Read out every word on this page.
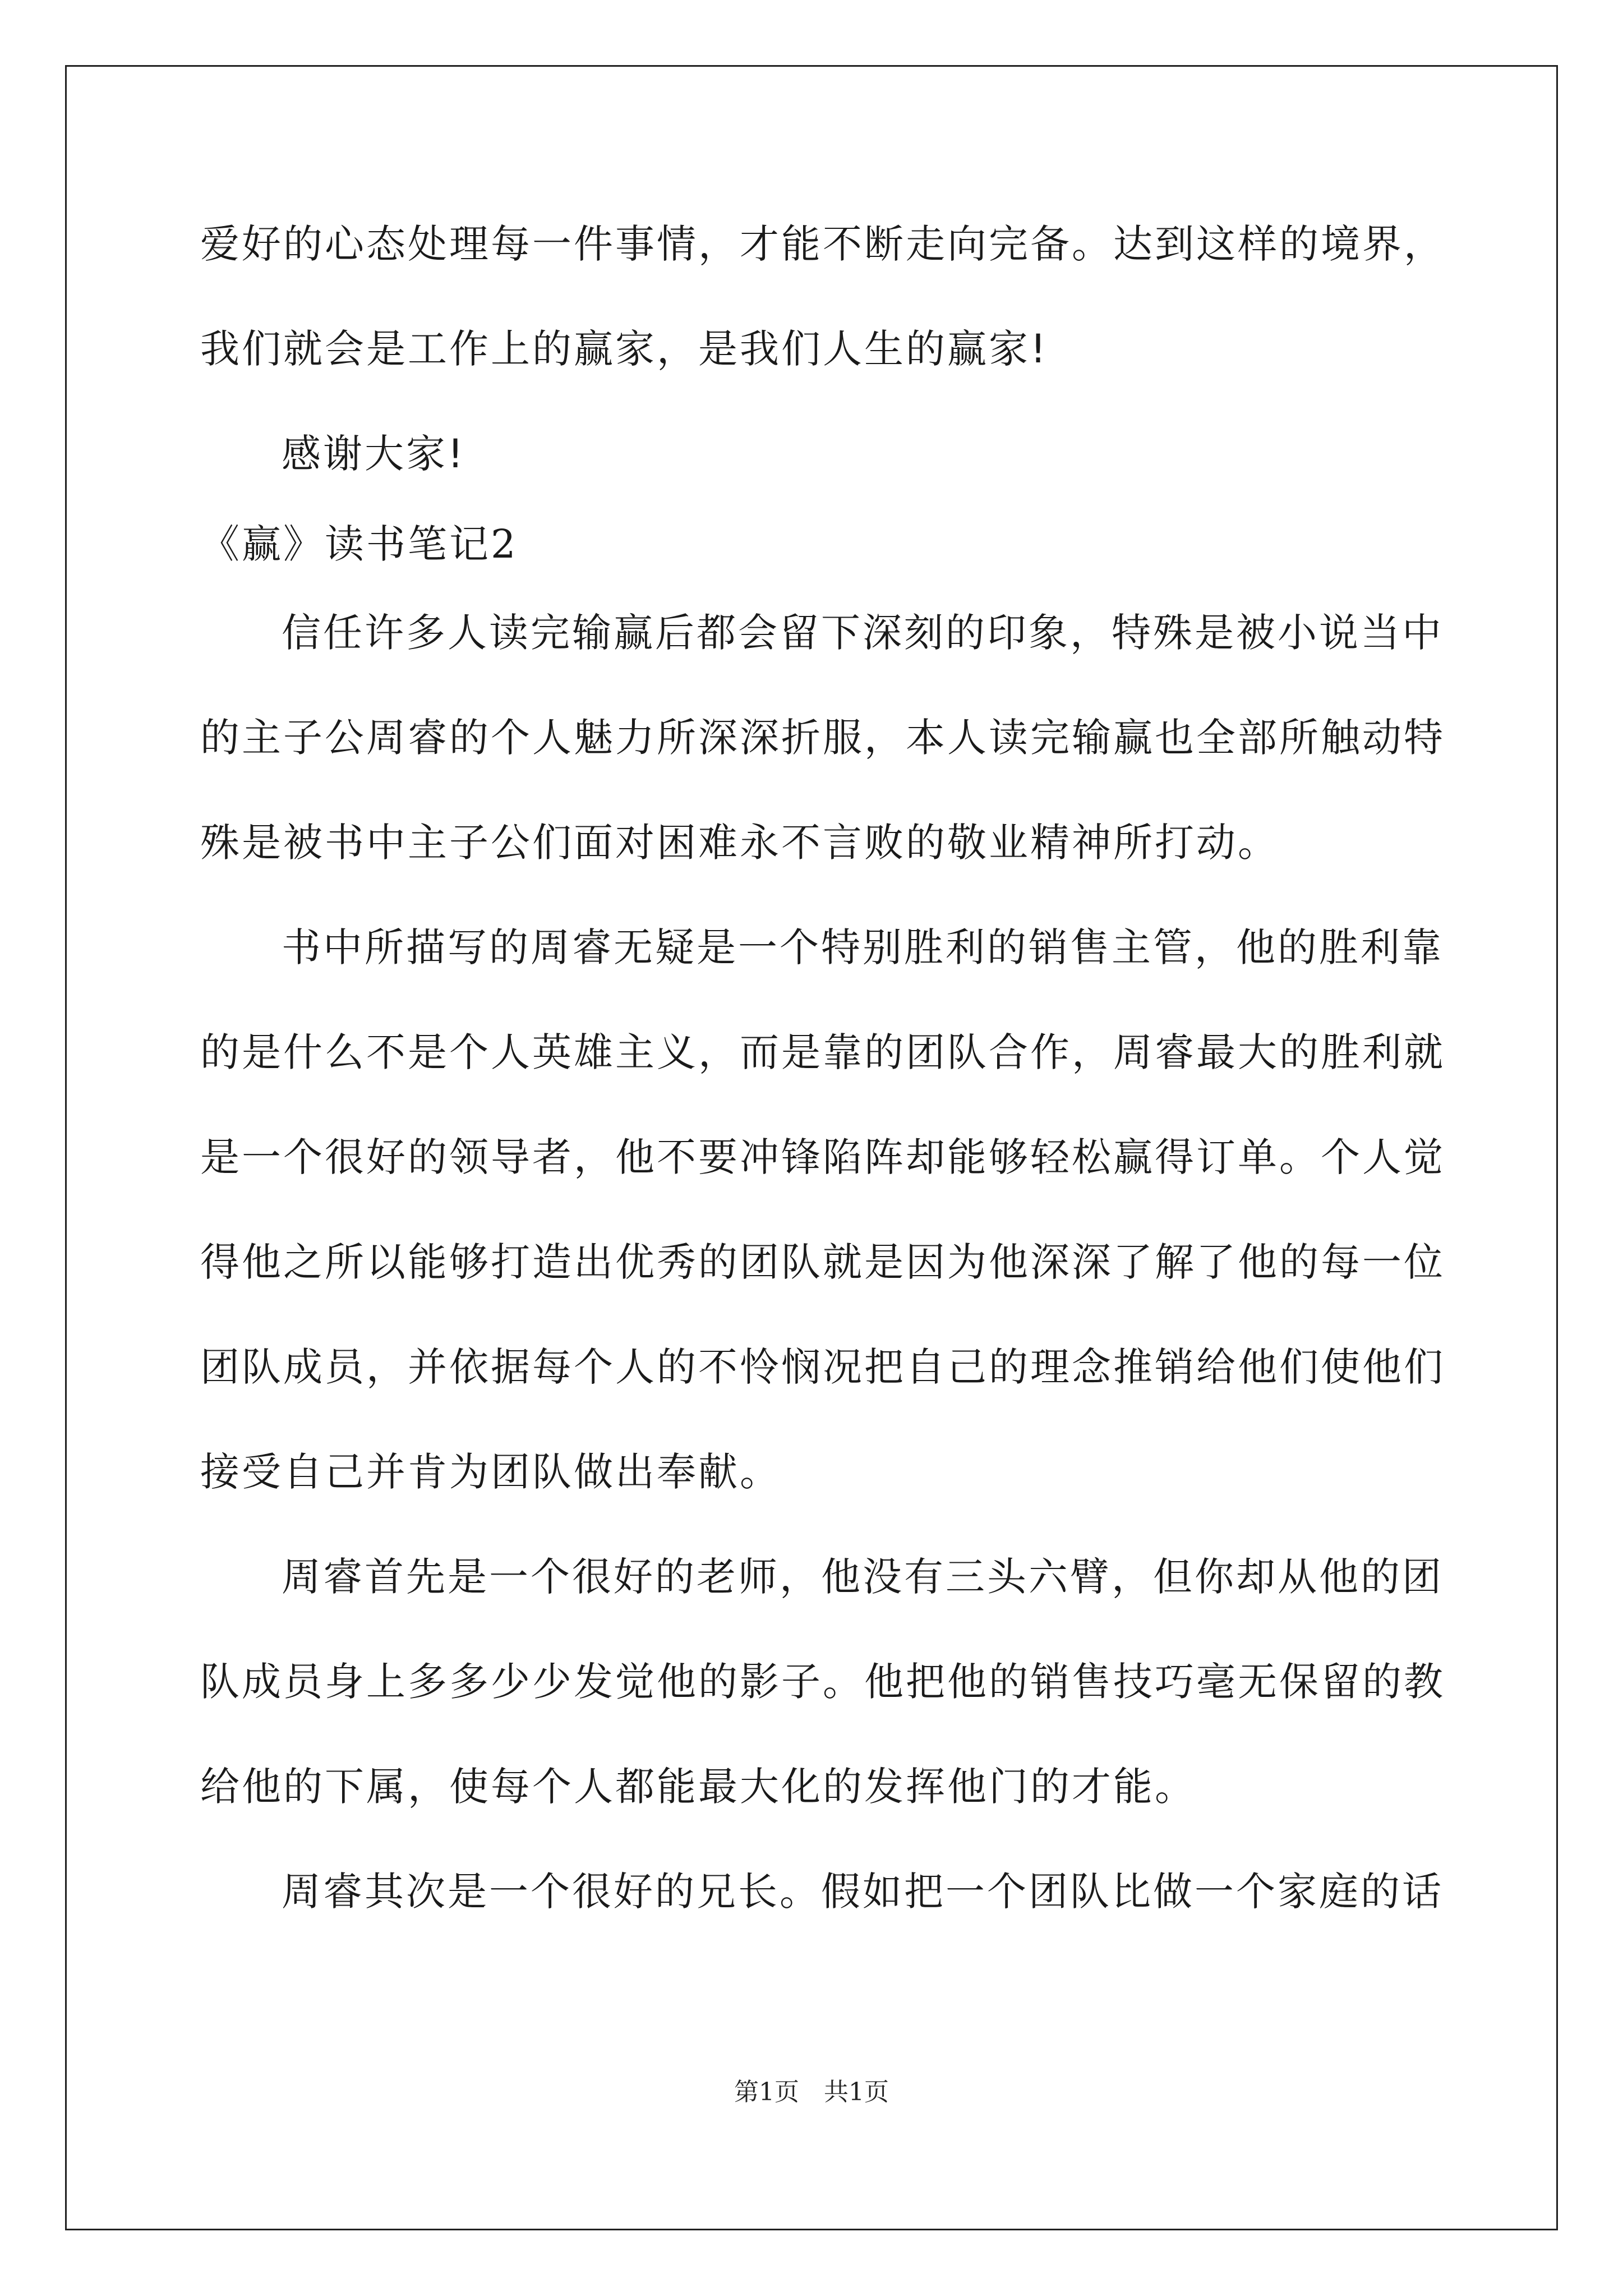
爱好的心态处理每一件事情，才能不断走向完备。达到这样的境界，
我们就会是工作上的赢家，是我们人生的赢家!
感谢大家!
《赢》读书笔记2
信任许多人读完输赢后都会留下深刻的印象，特殊是被小说当中
的主子公周睿的个人魅力所深深折服，本人读完输赢也全部所触动特
殊是被书中主子公们面对困难永不言败的敬业精神所打动。
书中所描写的周睿无疑是一个特别胜利的销售主管，他的胜利靠
的是什么不是个人英雄主义，而是靠的团队合作，周睿最大的胜利就
是一个很好的领导者，他不要冲锋陷阵却能够轻松赢得订单。个人觉
得他之所以能够打造出优秀的团队就是因为他深深了解了他的每一位
团队成员，并依据每个人的不怜悯况把自己的理念推销给他们使他们
接受自己并肯为团队做出奉献。
周睿首先是一个很好的老师，他没有三头六臂，但你却从他的团
队成员身上多多少少发觉他的影子。他把他的销售技巧毫无保留的教
给他的下属，使每个人都能最大化的发挥他门的才能。
周睿其次是一个很好的兄长。假如把一个团队比做一个家庭的话
第1页　共1页
